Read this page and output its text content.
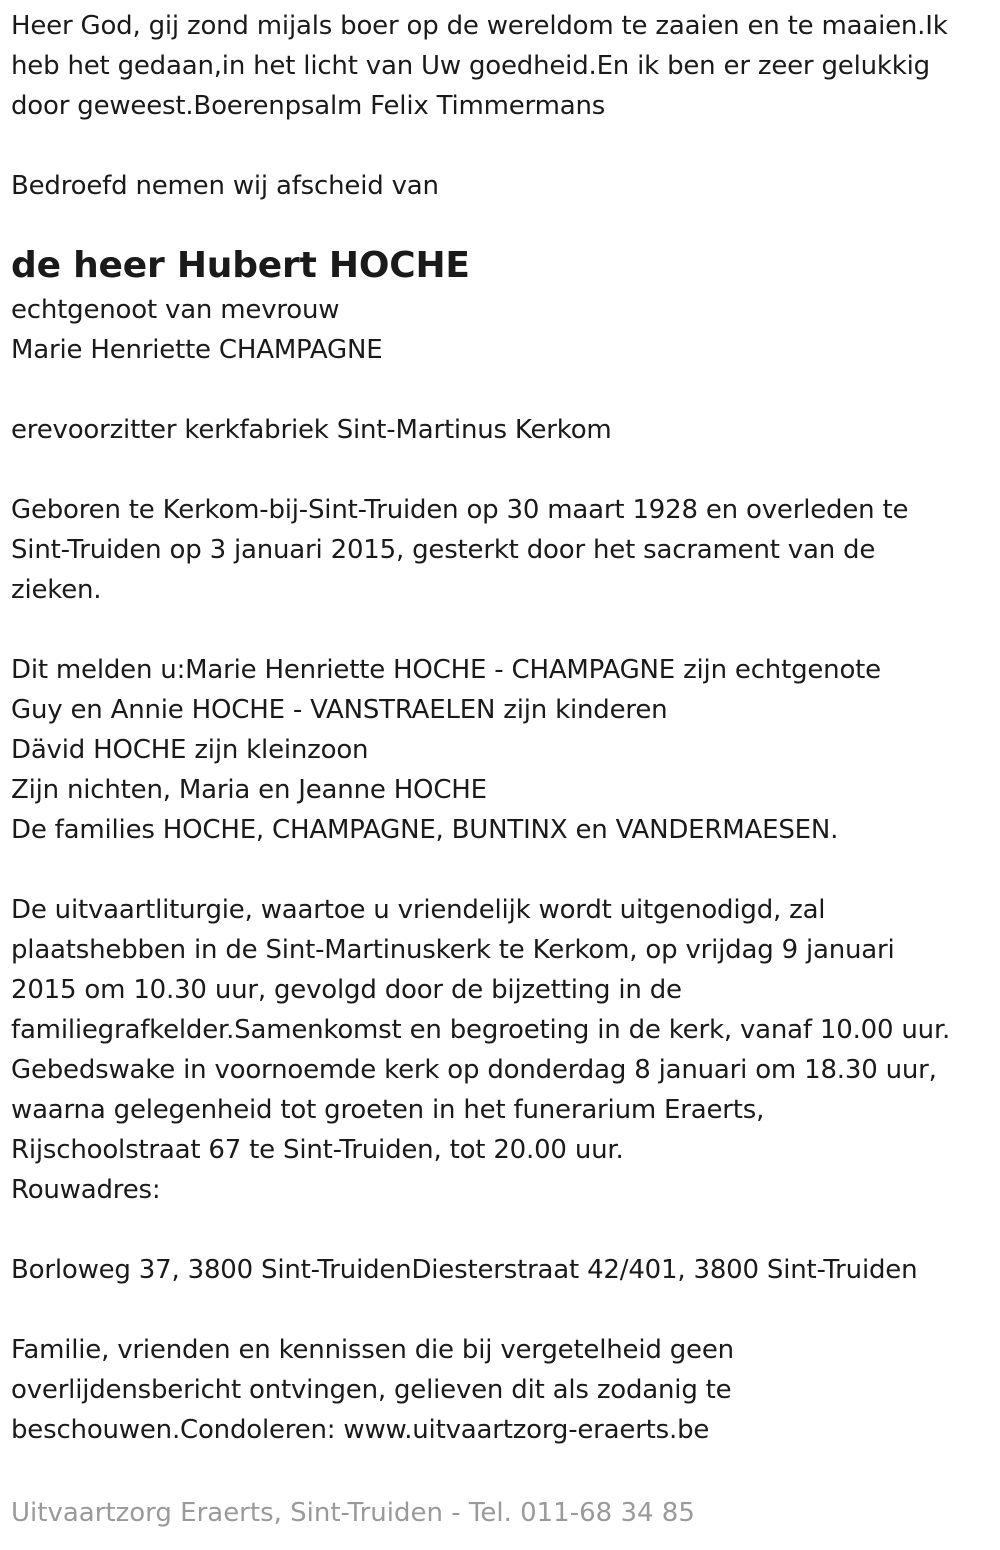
Heer God, gij zond mijals boer op de wereldom te zaaien en te maaien.Ik
heb het gedaan,in het licht van Uw goedheid.En ik ben er zeer gelukkig
door geweest.Boerenpsalm Felix Timmermans
Bedroefd nemen wij afscheid van
de heer Hubert HOCHE
echtgenoot van mevrouw
Marie Henriette CHAMPAGNE
erevoorzitter kerkfabriek Sint-Martinus Kerkom
Geboren te Kerkom-bij-Sint-Truiden op 30 maart 1928 en overleden te
Sint-Truiden op 3 januari 2015, gesterkt door het sacrament van de
zieken.
Dit melden u:Marie Henriette HOCHE - CHAMPAGNE zijn echtgenote
Guy en Annie HOCHE - VANSTRAELEN zijn kinderen
Dävid HOCHE zijn kleinzoon
Zijn nichten, Maria en Jeanne HOCHE
De families HOCHE, CHAMPAGNE, BUNTINX en VANDERMAESEN.
De uitvaartliturgie, waartoe u vriendelijk wordt uitgenodigd, zal
plaatshebben in de Sint-Martinuskerk te Kerkom, op vrijdag 9 januari
2015 om 10.30 uur, gevolgd door de bijzetting in de
familiegrafkelder.Samenkomst en begroeting in de kerk, vanaf 10.00 uur.
Gebedswake in voornoemde kerk op donderdag 8 januari om 18.30 uur,
waarna gelegenheid tot groeten in het funerarium Eraerts,
Rijschoolstraat 67 te Sint-Truiden, tot 20.00 uur.
Rouwadres:
Borloweg 37, 3800 Sint-TruidenDiesterstraat 42/401, 3800 Sint-Truiden
Familie, vrienden en kennissen die bij vergetelheid geen
overlijdensbericht ontvingen, gelieven dit als zodanig te
beschouwen.Condoleren: www.uitvaartzorg-eraerts.be
Uitvaartzorg Eraerts, Sint-Truiden - Tel. 011-68 34 85
